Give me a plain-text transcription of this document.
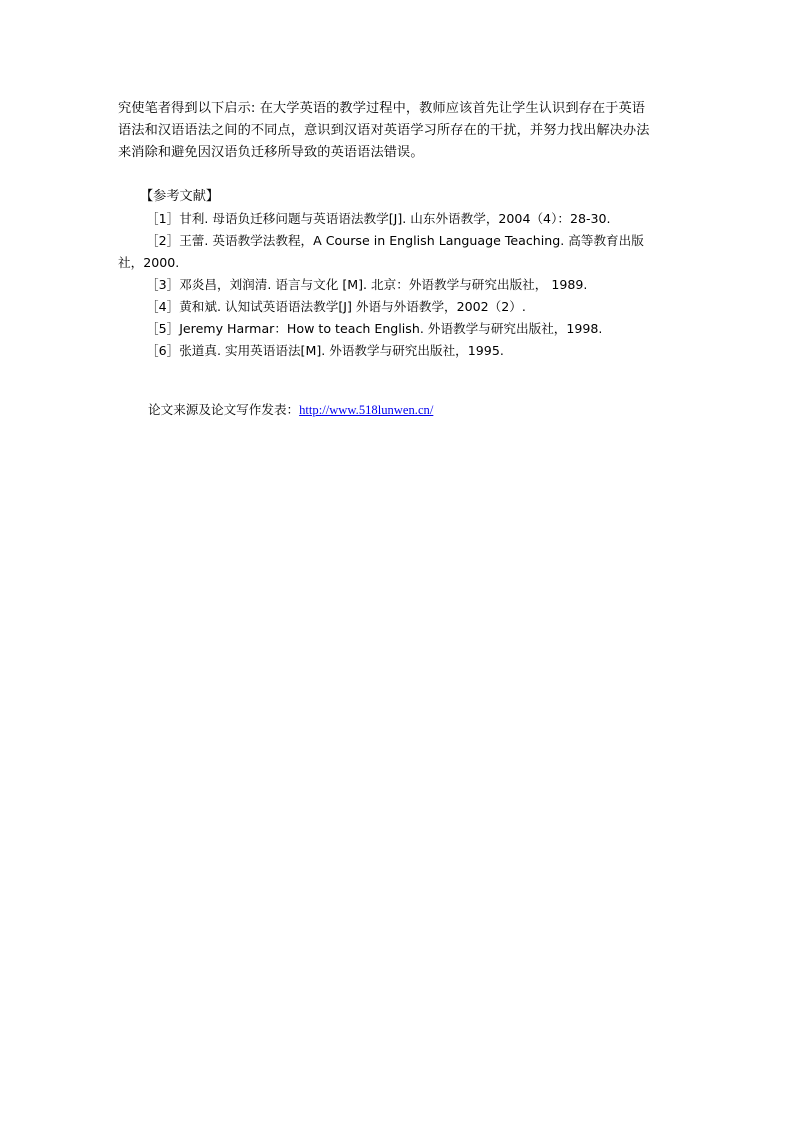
究使笔者得到以下启示: 在大学英语的教学过程中，教师应该首先让学生认识到存在于英语
语法和汉语语法之间的不同点，意识到汉语对英语学习所存在的干扰，并努力找出解决办法
来消除和避免因汉语负迁移所导致的英语语法错误。
【参考文献】
［1］甘利. 母语负迁移问题与英语语法教学[J]. 山东外语教学，2004（4）：28-30.
［2］王蕾. 英语教学法教程，A Course in English Language Teaching. 高等教育出版
社，2000.
［3］邓炎昌，刘润清. 语言与文化 [M]. 北京：外语教学与研究出版社， 1989.
［4］黄和斌. 认知试英语语法教学[J] 外语与外语教学，2002（2）.
［5］Jeremy Harmar：How to teach English. 外语教学与研究出版社，1998.
［6］张道真. 实用英语语法[M]. 外语教学与研究出版社，1995.
论文来源及论文写作发表：http://www.518lunwen.cn/
